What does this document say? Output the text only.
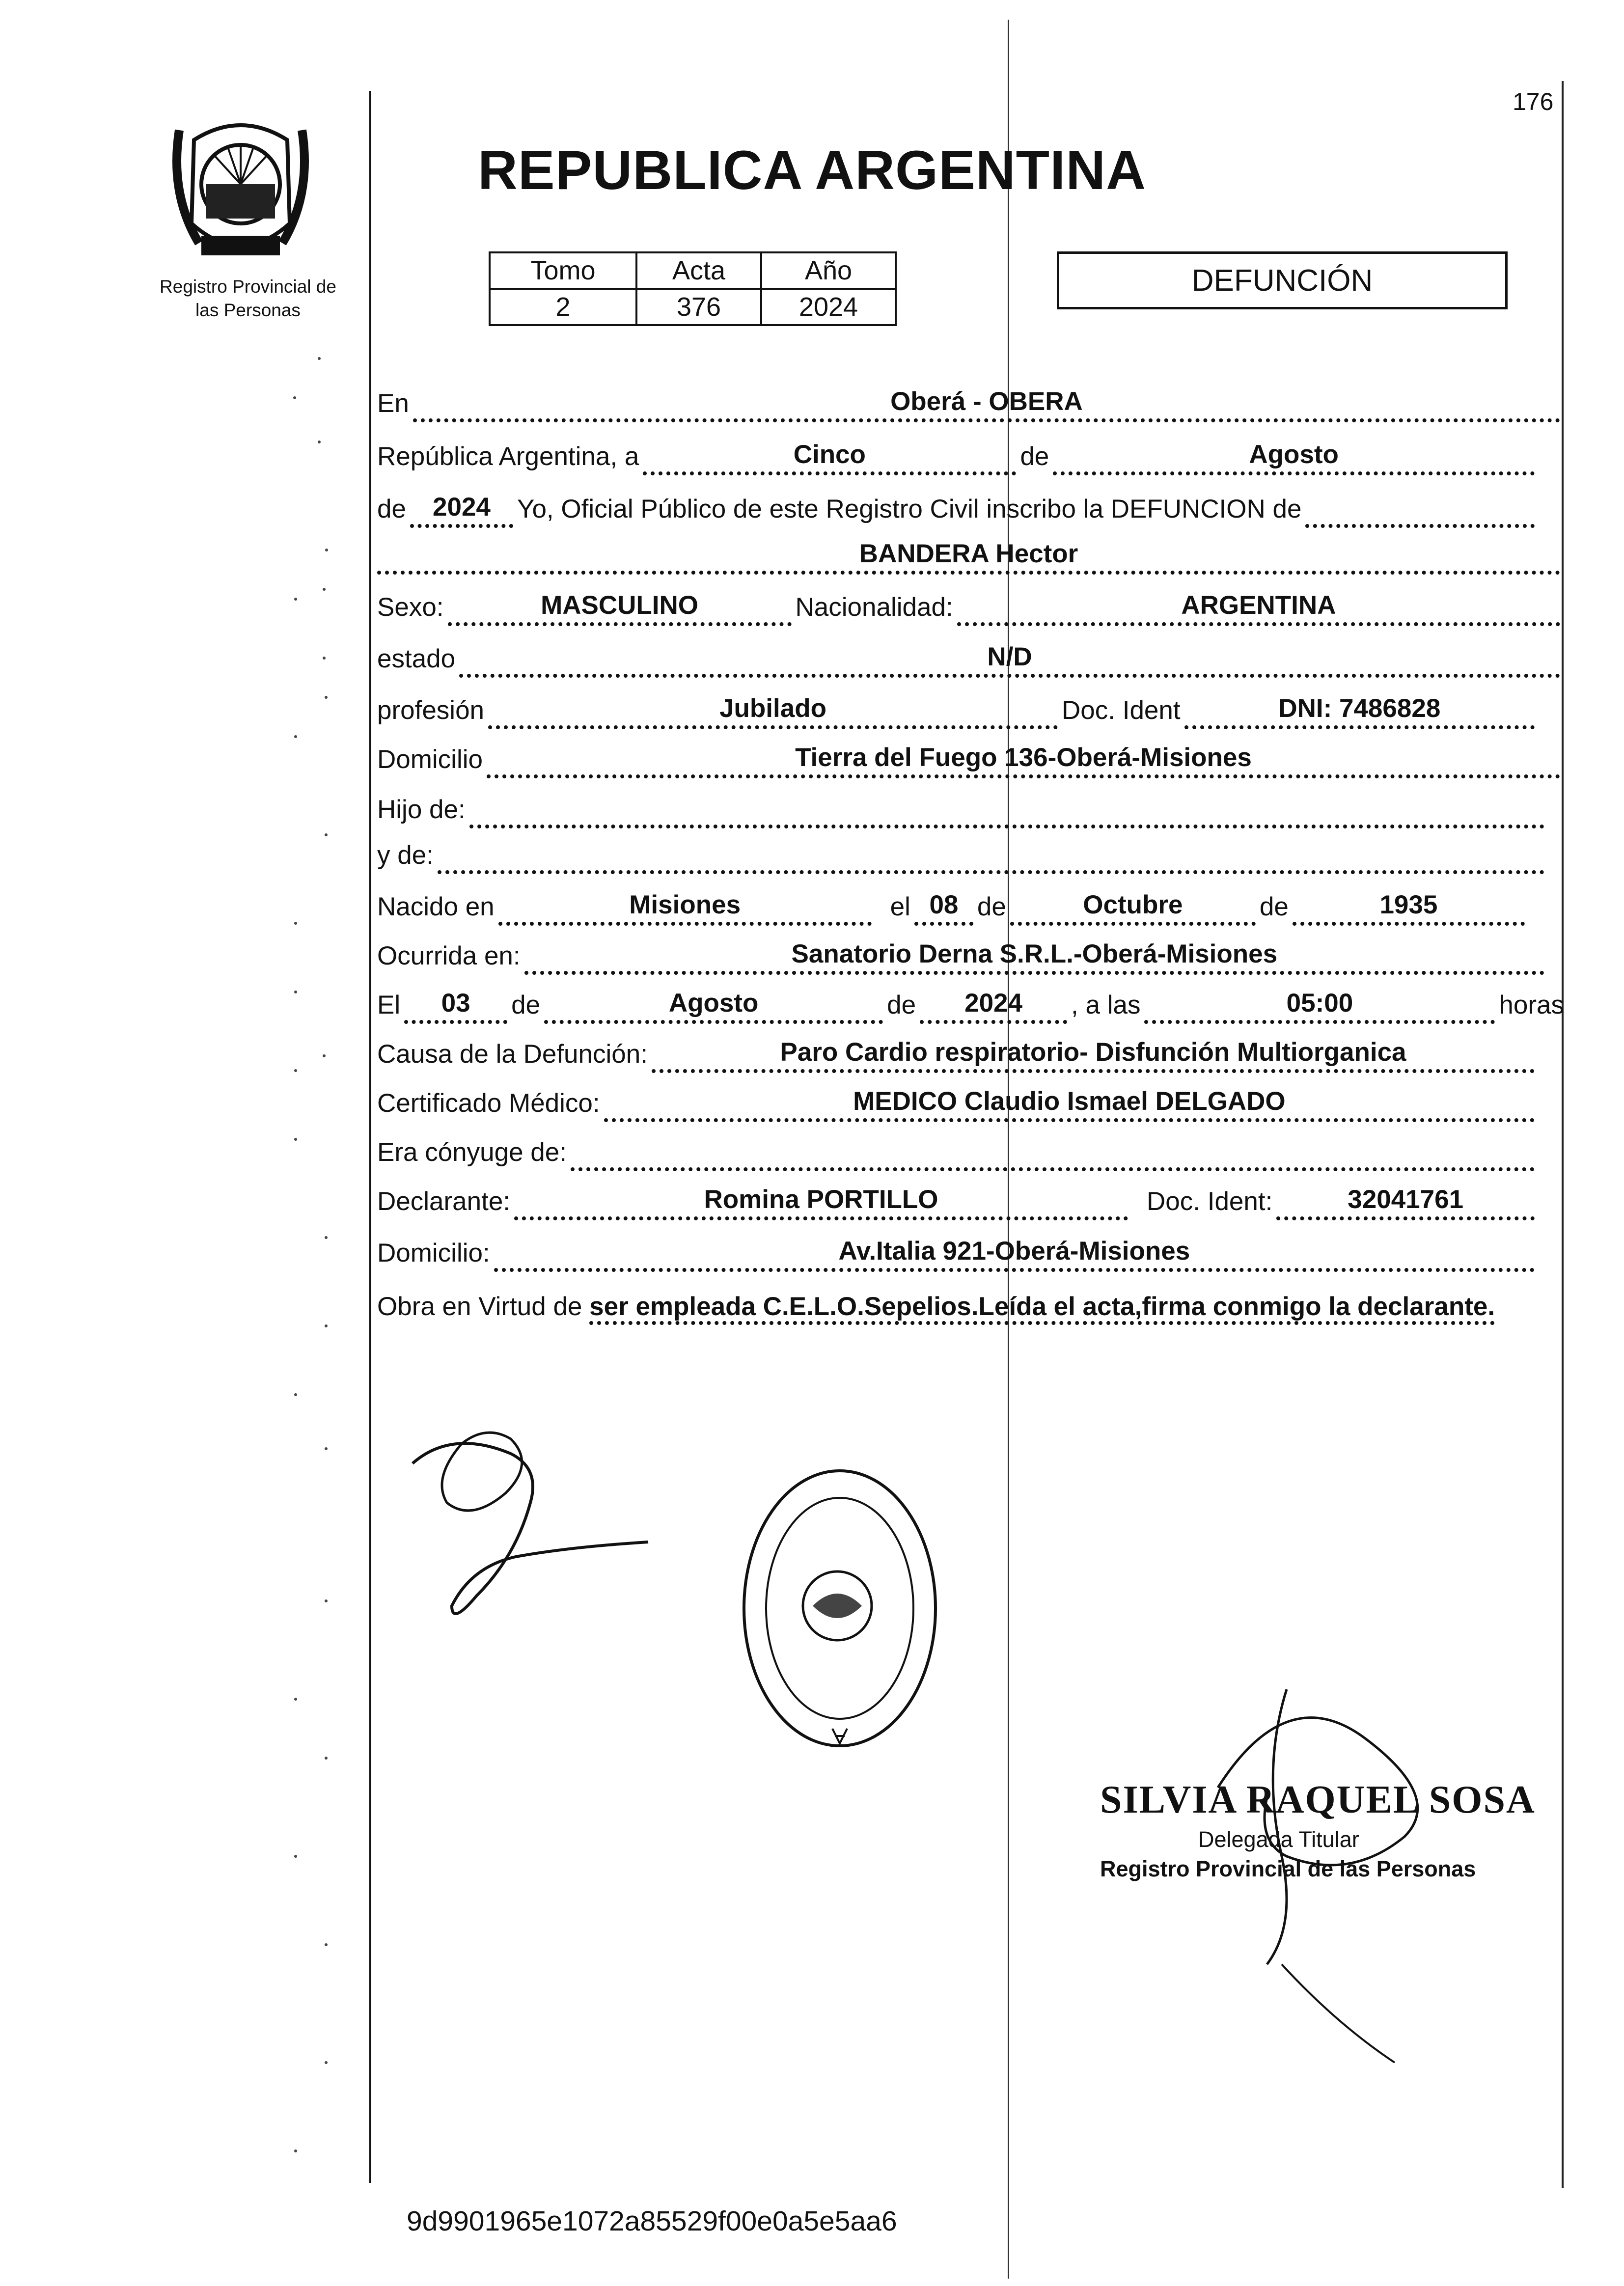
Registro Provincial de
las Personas
176
REPUBLICA ARGENTINA
Tomo	Acta	Año
2	376	2024
DEFUNCIÓN
En	Oberá - OBERA
República Argentina, a	Cinco	de	Agosto
de	2024	Yo, Oficial Público de este Registro Civil inscribo la DEFUNCION de
BANDERA Hector
Sexo:	MASCULINO	Nacionalidad:	ARGENTINA
estado	N/D
profesión	Jubilado	Doc. Ident	DNI: 7486828
Domicilio	Tierra del Fuego 136-Oberá-Misiones
Hijo de:
y de:
Nacido en	Misiones	el 08 de	Octubre	de	1935
Ocurrida en:	Sanatorio Derna S.R.L.-Oberá-Misiones
El	03	de	Agosto	de	2024	, a las	05:00	horas
Causa de la Defunción:	Paro Cardio respiratorio- Disfunción Multiorganica
Certificado Médico:	MEDICO Claudio Ismael DELGADO
Era cónyuge de:
Declarante:	Romina PORTILLO	Doc. Ident:	32041761
Domicilio:	Av.Italia 921-Oberá-Misiones
Obra en Virtud de ser empleada C.E.L.O.Sepelios.Leída el acta,firma conmigo la declarante.
SILVIA RAQUEL SOSA
Delegada Titular
Registro Provincial de las Personas
9d9901965e1072a85529f00e0a5e5aa6
